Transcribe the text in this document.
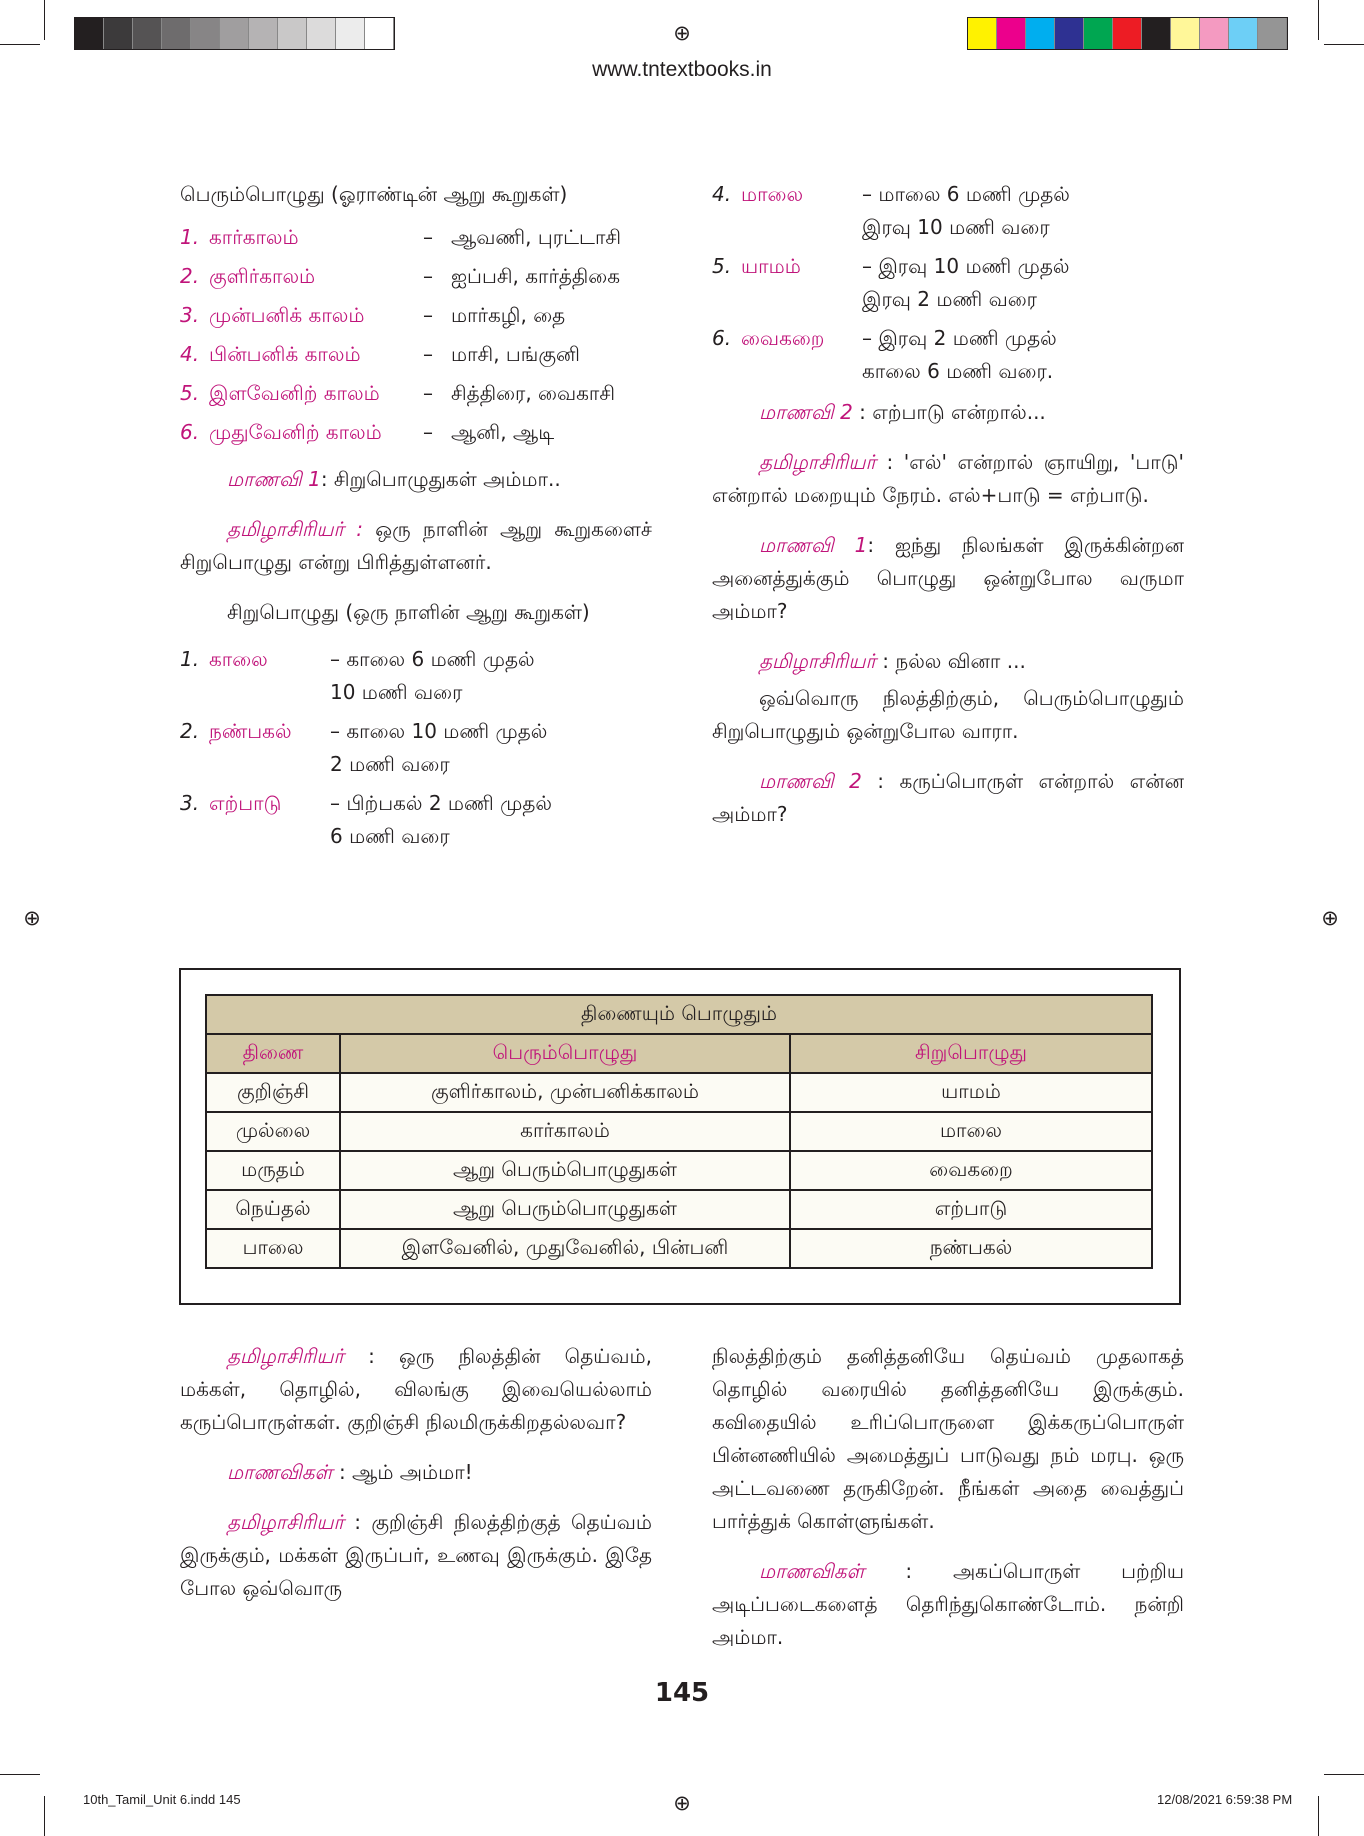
⊕
⊕	⊕
⊕
www.tntextbooks.in
பெரும்பொழுது (ஓராண்டின் ஆறு கூறுகள்)
1. கார்காலம்	– ஆவணி, புரட்டாசி
2. குளிர்காலம்	– ஐப்பசி, கார்த்திகை
3. முன்பனிக் காலம்	– மார்கழி, தை
4. பின்பனிக் காலம்	– மாசி, பங்குனி
5. இளவேனிற் காலம்	– சித்திரை, வைகாசி
6. முதுவேனிற் காலம்	– ஆனி, ஆடி

மாணவி 1: சிறுபொழுதுகள் அம்மா..

தமிழாசிரியர் : ஒரு நாளின் ஆறு கூறுகளைச் சிறுபொழுது என்று பிரித்துள்ளனர்.

சிறுபொழுது (ஒரு நாளின் ஆறு கூறுகள்)
1. காலை	– காலை 6 மணி முதல்
10 மணி வரை
2. நண்பகல்	– காலை 10 மணி முதல்
2 மணி வரை
3. எற்பாடு	– பிற்பகல் 2 மணி முதல்
6 மணி வரை
4. மாலை	– மாலை 6 மணி முதல்
இரவு 10 மணி வரை
5. யாமம்	– இரவு 10 மணி முதல்
இரவு 2 மணி வரை
6. வைகறை	– இரவு 2 மணி முதல்
காலை 6 மணி வரை.

மாணவி 2 : எற்பாடு என்றால்...

தமிழாசிரியர் : 'எல்' என்றால் ஞாயிறு, 'பாடு' என்றால் மறையும் நேரம். எல்+பாடு = எற்பாடு.

மாணவி 1: ஐந்து நிலங்கள் இருக்கின்றன அனைத்துக்கும் பொழுது ஒன்றுபோல வருமா அம்மா?

தமிழாசிரியர் : நல்ல வினா ...

ஒவ்வொரு நிலத்திற்கும், பெரும்பொழுதும் சிறுபொழுதும் ஒன்றுபோல வாரா.

மாணவி 2 : கருப்பொருள் என்றால் என்ன அம்மா?

திணையும் பொழுதும்		
திணை	பெரும்பொழுது	சிறுபொழுது
குறிஞ்சி	குளிர்காலம், முன்பனிக்காலம்	யாமம்
முல்லை	கார்காலம்	மாலை
மருதம்	ஆறு பெரும்பொழுதுகள்	வைகறை
நெய்தல்	ஆறு பெரும்பொழுதுகள்	எற்பாடு
பாலை	இளவேனில், முதுவேனில், பின்பனி	நண்பகல்

தமிழாசிரியர் : ஒரு நிலத்தின் தெய்வம், மக்கள், தொழில், விலங்கு இவையெல்லாம் கருப்பொருள்கள். குறிஞ்சி நிலமிருக்கிறதல்லவா?

மாணவிகள் : ஆம் அம்மா!

தமிழாசிரியர் : குறிஞ்சி நிலத்திற்குத் தெய்வம் இருக்கும், மக்கள் இருப்பர், உணவு இருக்கும். இதே போல ஒவ்வொரு

நிலத்திற்கும் தனித்தனியே தெய்வம் முதலாகத் தொழில் வரையில் தனித்தனியே இருக்கும். கவிதையில் உரிப்பொருளை இக்கருப்பொருள் பின்னணியில் அமைத்துப் பாடுவது நம் மரபு. ஒரு அட்டவணை தருகிறேன். நீங்கள் அதை வைத்துப் பார்த்துக் கொள்ளுங்கள்.

மாணவிகள் : அகப்பொருள் பற்றிய அடிப்படைகளைத் தெரிந்துகொண்டோம். நன்றி அம்மா.

145
10th_Tamil_Unit 6.indd 145	12/08/2021 6:59:38 PM
